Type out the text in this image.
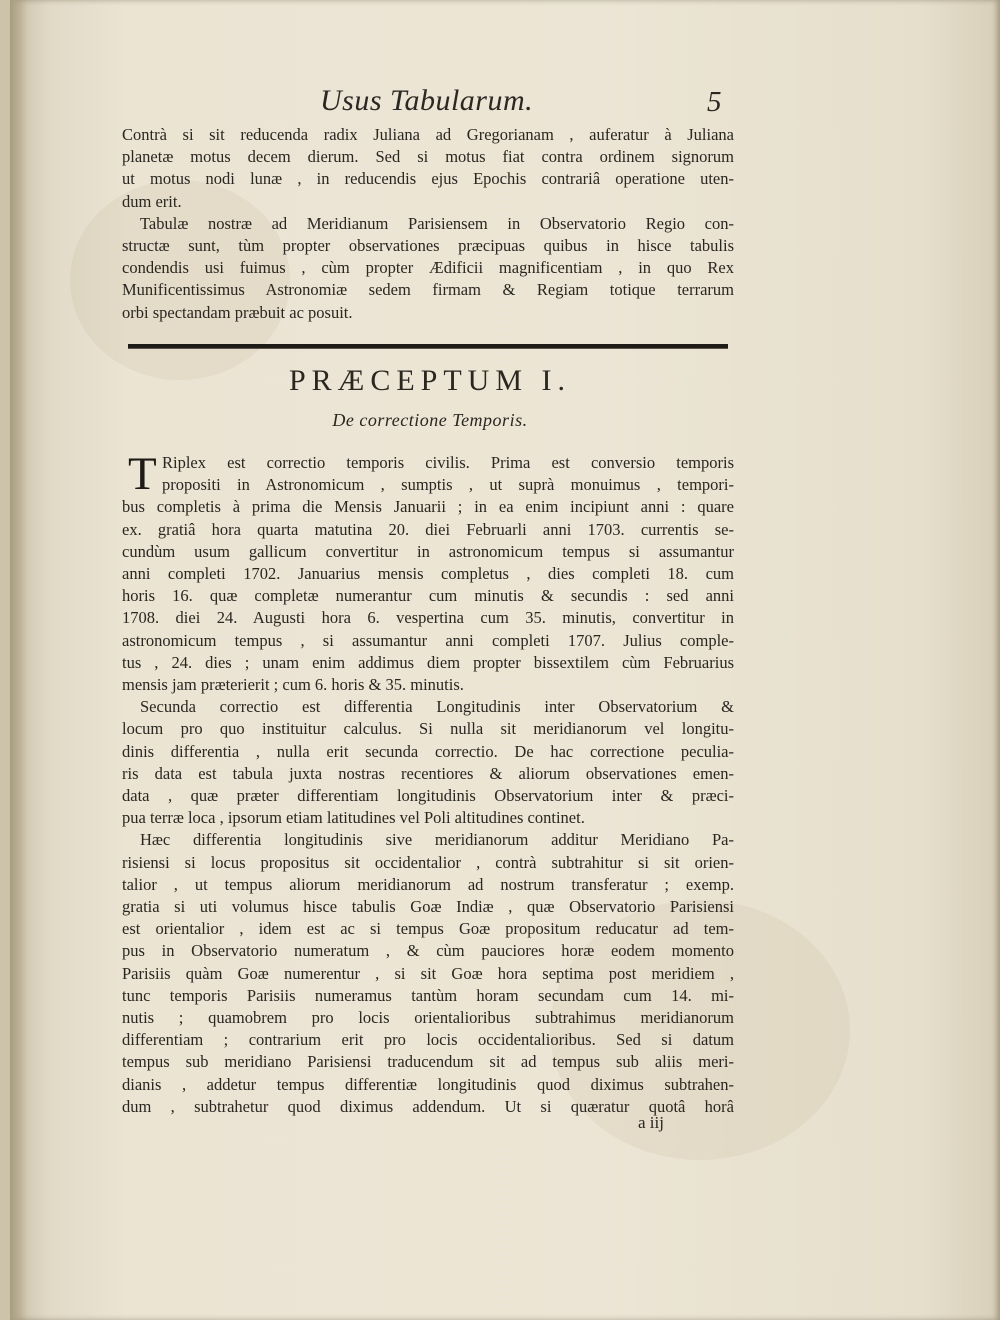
Usus Tabularum.	5
Contrà si sit reducenda radix Juliana ad Gregorianam , auferatur à Juliana
planetæ motus decem dierum. Sed si motus fiat contra ordinem signorum
ut motus nodi lunæ , in reducendis ejus Epochis contrariâ operatione uten-
dum erit.
Tabulæ nostræ ad Meridianum Parisiensem in Observatorio Regio con-
structæ sunt, tùm propter observationes præcipuas quibus in hisce tabulis
condendis usi fuimus , cùm propter Ædificii magnificentiam , in quo Rex
Munificentissimus Astronomiæ sedem firmam & Regiam totique terrarum
orbi spectandam præbuit ac posuit.
PRÆCEPTUM I.
De correctione Temporis.
T Riplex est correctio temporis civilis. Prima est conversio temporis
propositi in Astronomicum , sumptis , ut suprà monuimus , tempori-
bus completis à prima die Mensis Januarii ; in ea enim incipiunt anni : quare
ex. gratiâ hora quarta matutina 20. diei Februarli anni 1703. currentis se-
cundùm usum gallicum convertitur in astronomicum tempus si assumantur
anni completi 1702. Januarius mensis completus , dies completi 18. cum
horis 16. quæ completæ numerantur cum minutis & secundis : sed anni
1708. diei 24. Augusti hora 6. vespertina cum 35. minutis, convertitur in
astronomicum tempus , si assumantur anni completi 1707. Julius comple-
tus , 24. dies ; unam enim addimus diem propter bissextilem cùm Februarius
mensis jam præterierit ; cum 6. horis & 35. minutis.
Secunda correctio est differentia Longitudinis inter Observatorium &
locum pro quo instituitur calculus. Si nulla sit meridianorum vel longitu-
dinis differentia , nulla erit secunda correctio. De hac correctione peculia-
ris data est tabula juxta nostras recentiores & aliorum observationes emen-
data , quæ præter differentiam longitudinis Observatorium inter & præci-
pua terræ loca , ipsorum etiam latitudines vel Poli altitudines continet.
Hæc differentia longitudinis sive meridianorum additur Meridiano Pa-
risiensi si locus propositus sit occidentalior , contrà subtrahitur si sit orien-
talior , ut tempus aliorum meridianorum ad nostrum transferatur ; exemp.
gratia si uti volumus hisce tabulis Goæ Indiæ , quæ Observatorio Parisiensi
est orientalior , idem est ac si tempus Goæ propositum reducatur ad tem-
pus in Observatorio numeratum , & cùm pauciores horæ eodem momento
Parisiis quàm Goæ numerentur , si sit Goæ hora septima post meridiem ,
tunc temporis Parisiis numeramus tantùm horam secundam cum 14. mi-
nutis ; quamobrem pro locis orientalioribus subtrahimus meridianorum
differentiam ; contrarium erit pro locis occidentalioribus. Sed si datum
tempus sub meridiano Parisiensi traducendum sit ad tempus sub aliis meri-
dianis , addetur tempus differentiæ longitudinis quod diximus subtrahen-
dum , subtrahetur quod diximus addendum. Ut si quæratur quotâ horâ
a iij
